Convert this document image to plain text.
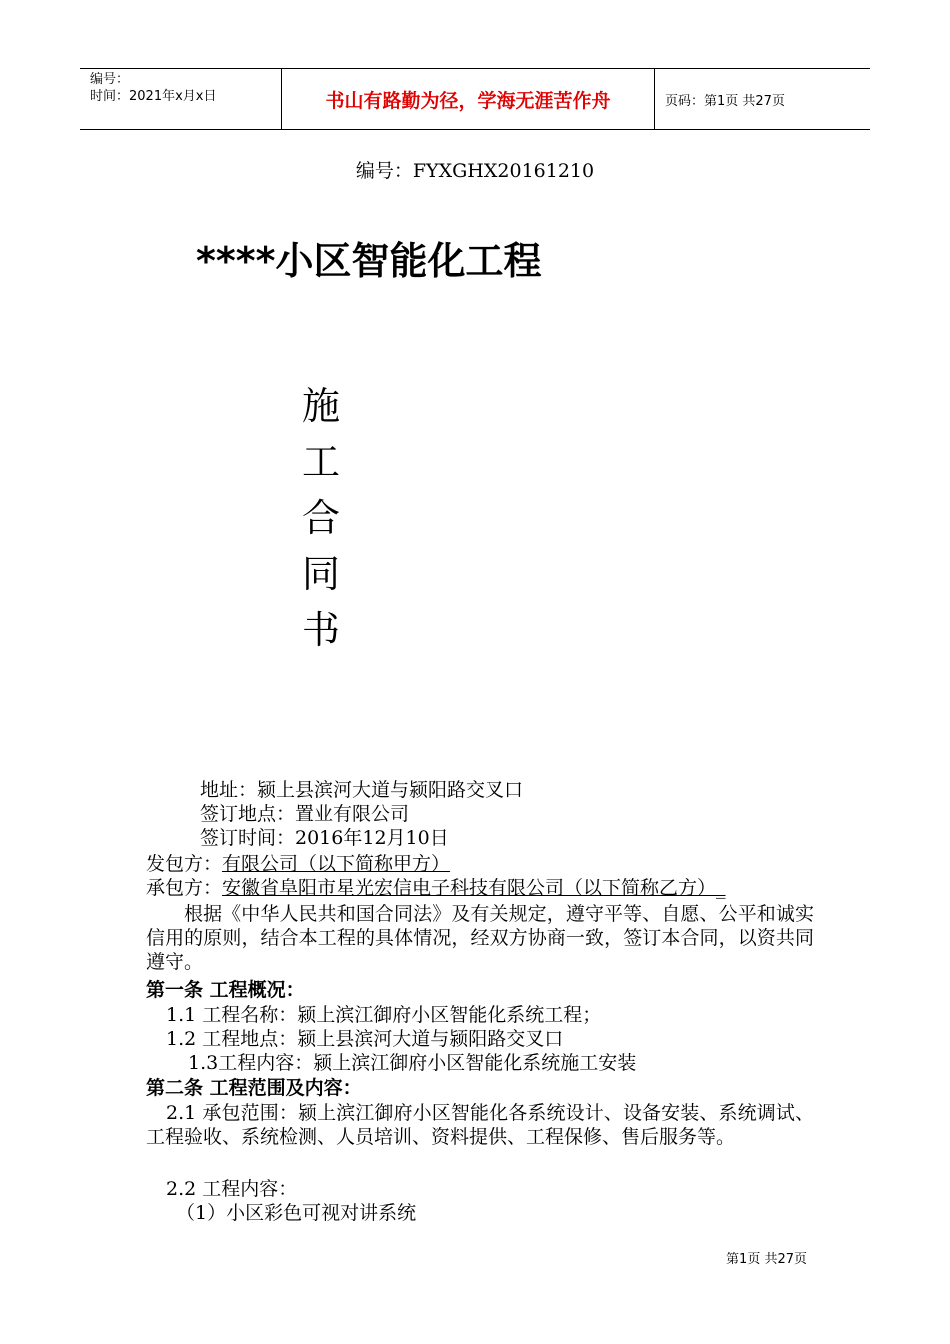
编号：
时间：2021年x月x日	书山有路勤为径，学海无涯苦作舟	页码：第1页 共27页
编号：FYXGHX20161210
****小区智能化工程
施
工
合
同
书
地址：颍上县滨河大道与颍阳路交叉口
签订地点：置业有限公司
签订时间：2016年12月10日
发包方：有限公司（以下简称甲方）
承包方：安徽省阜阳市星光宏信电子科技有限公司（以下简称乙方）_
根据《中华人民共和国合同法》及有关规定，遵守平等、自愿、公平和诚实信用的原则，结合本工程的具体情况，经双方协商一致，签订本合同，以资共同遵守。
第一条 工程概况：
1.1 工程名称：颍上滨江御府小区智能化系统工程；
1.2 工程地点：颍上县滨河大道与颍阳路交叉口
1.3工程内容：颍上滨江御府小区智能化系统施工安装
第二条 工程范围及内容：
2.1 承包范围：颍上滨江御府小区智能化各系统设计、设备安装、系统调试、工程验收、系统检测、人员培训、资料提供、工程保修、售后服务等。
2.2 工程内容：
（1）小区彩色可视对讲系统
第1页 共27页
